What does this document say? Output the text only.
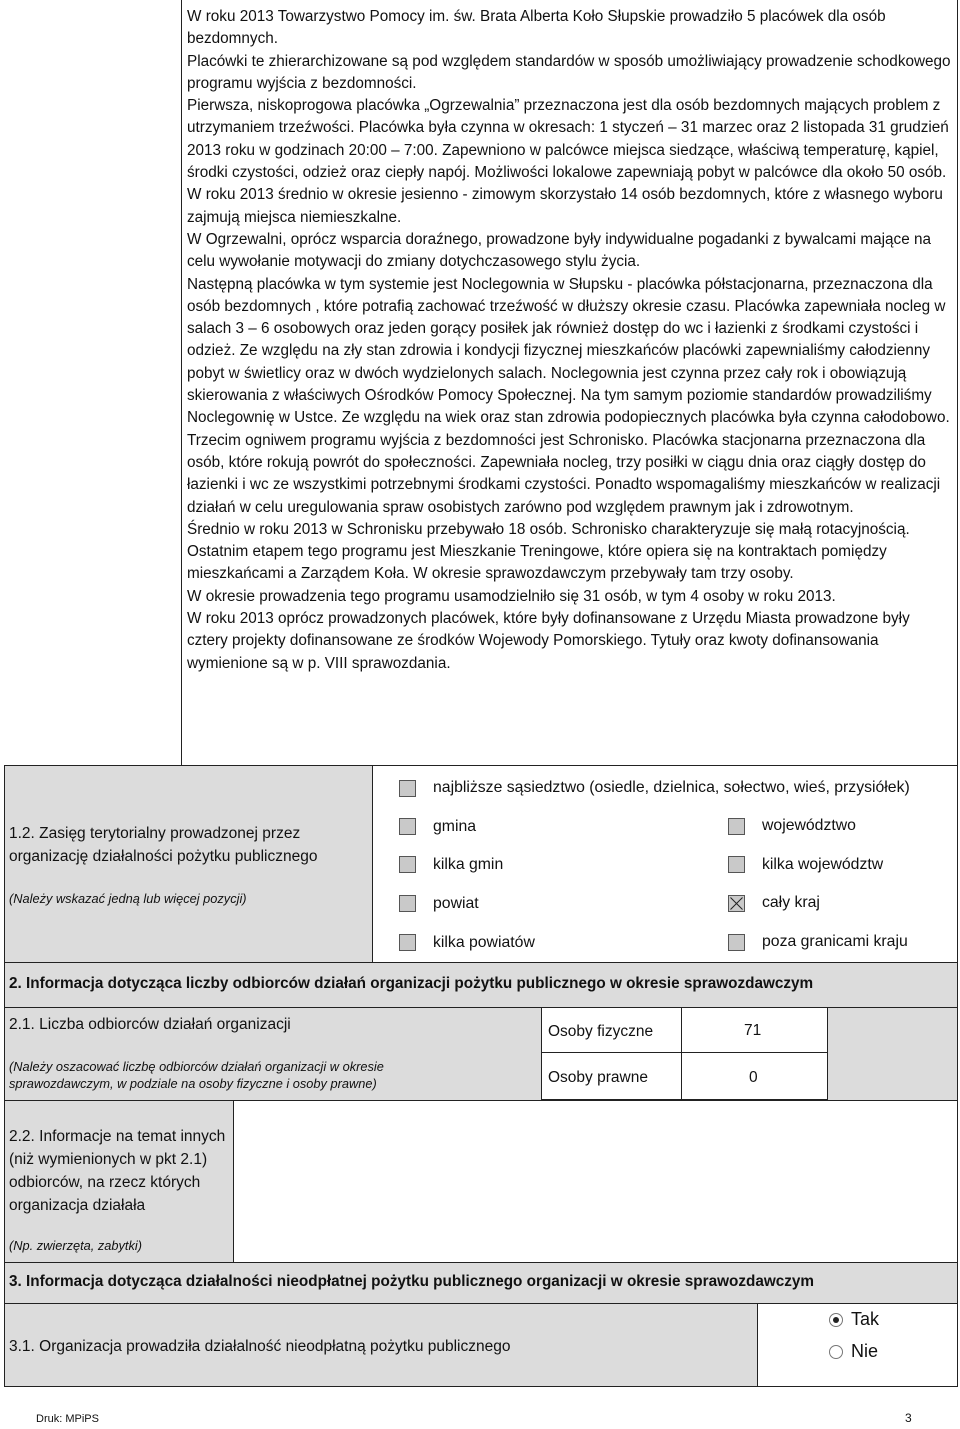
W roku 2013 Towarzystwo Pomocy im. św. Brata Alberta Koło Słupskie prowadziło 5 placówek dla osób bezdomnych.

Placówki te zhierarchizowane są pod względem standardów w sposób umożliwiający prowadzenie schodkowego programu wyjścia z bezdomności.

Pierwsza, niskoprogowa placówka „Ogrzewalnia” przeznaczona jest dla osób bezdomnych mających problem z utrzymaniem trzeźwości. Placówka była czynna w okresach: 1 styczeń – 31 marzec oraz 2 listopada 31 grudzień 2013 roku w godzinach 20:00 – 7:00. Zapewniono w palcówce miejsca siedzące, właściwą temperaturę, kąpiel, środki czystości, odzież oraz ciepły napój. Możliwości lokalowe zapewniają pobyt w palcówce dla około 50 osób.

W roku 2013 średnio w okresie jesienno - zimowym skorzystało 14 osób bezdomnych, które z własnego wyboru zajmują miejsca niemieszkalne.

W Ogrzewalni, oprócz wsparcia doraźnego, prowadzone były indywidualne pogadanki z bywalcami mające na celu wywołanie motywacji do zmiany dotychczasowego stylu życia.

Następną placówka w tym systemie jest Noclegownia w Słupsku - placówka półstacjonarna, przeznaczona dla osób bezdomnych , które potrafią zachować trzeźwość w dłuższy okresie czasu. Placówka zapewniała nocleg w salach 3 – 6 osobowych oraz jeden gorący posiłek jak również dostęp do wc i łazienki z środkami czystości i odzież. Ze względu na zły stan zdrowia i kondycji fizycznej mieszkańców placówki zapewnialiśmy całodzienny pobyt w świetlicy oraz w dwóch wydzielonych salach. Noclegownia jest czynna przez cały rok i obowiązują skierowania z właściwych Ośrodków Pomocy Społecznej. Na tym samym poziomie standardów prowadziliśmy Noclegownię w Ustce. Ze względu na wiek oraz stan zdrowia podopiecznych placówka była czynna całodobowo.

Trzecim ogniwem programu wyjścia z bezdomności jest Schronisko. Placówka stacjonarna przeznaczona dla osób, które rokują powrót do społeczności. Zapewniała nocleg, trzy posiłki w ciągu dnia oraz ciągły dostęp do łazienki i wc ze wszystkimi potrzebnymi środkami czystości. Ponadto wspomagaliśmy mieszkańców w realizacji działań w celu uregulowania spraw osobistych zarówno pod względem prawnym jak i zdrowotnym.

Średnio w roku 2013 w Schronisku przebywało 18 osób. Schronisko charakteryzuje się małą rotacyjnością.

Ostatnim etapem tego programu jest Mieszkanie Treningowe, które opiera się na kontraktach pomiędzy mieszkańcami a Zarządem Koła. W okresie sprawozdawczym przebywały tam trzy osoby.

W okresie prowadzenia tego programu usamodzielniło się 31 osób, w tym 4 osoby w roku 2013.

W roku 2013 oprócz prowadzonych placówek, które były dofinansowane z Urzędu Miasta prowadzone były cztery projekty dofinansowane ze środków Wojewody Pomorskiego. Tytuły oraz kwoty dofinansowania wymienione są w p. VIII sprawozdania.

1.2. Zasięg terytorialny prowadzonej przez organizację działalności pożytku publicznego
(Należy wskazać jedną lub więcej pozycji)
najbliższe sąsiedztwo (osiedle, dzielnica, sołectwo, wieś, przysiółek)
gmina
kilka gmin
powiat
kilka powiatów
województwo
kilka województw
cały kraj
poza granicami kraju
2. Informacja dotycząca liczby odbiorców działań organizacji pożytku publicznego w okresie sprawozdawczym
2.1. Liczba odbiorców działań organizacji
(Należy oszacować liczbę odbiorców działań organizacji w okresie sprawozdawczym, w podziale na osoby fizyczne i osoby prawne)
Osoby fizyczne	71
Osoby prawne	0
2.2. Informacje na temat innych (niż wymienionych w pkt 2.1) odbiorców, na rzecz których organizacja działała
(Np. zwierzęta, zabytki)
3. Informacja dotycząca działalności nieodpłatnej pożytku publicznego organizacji w okresie sprawozdawczym
3.1. Organizacja prowadziła działalność nieodpłatną pożytku publicznego
Tak
Nie
Druk: MPiPS	3
